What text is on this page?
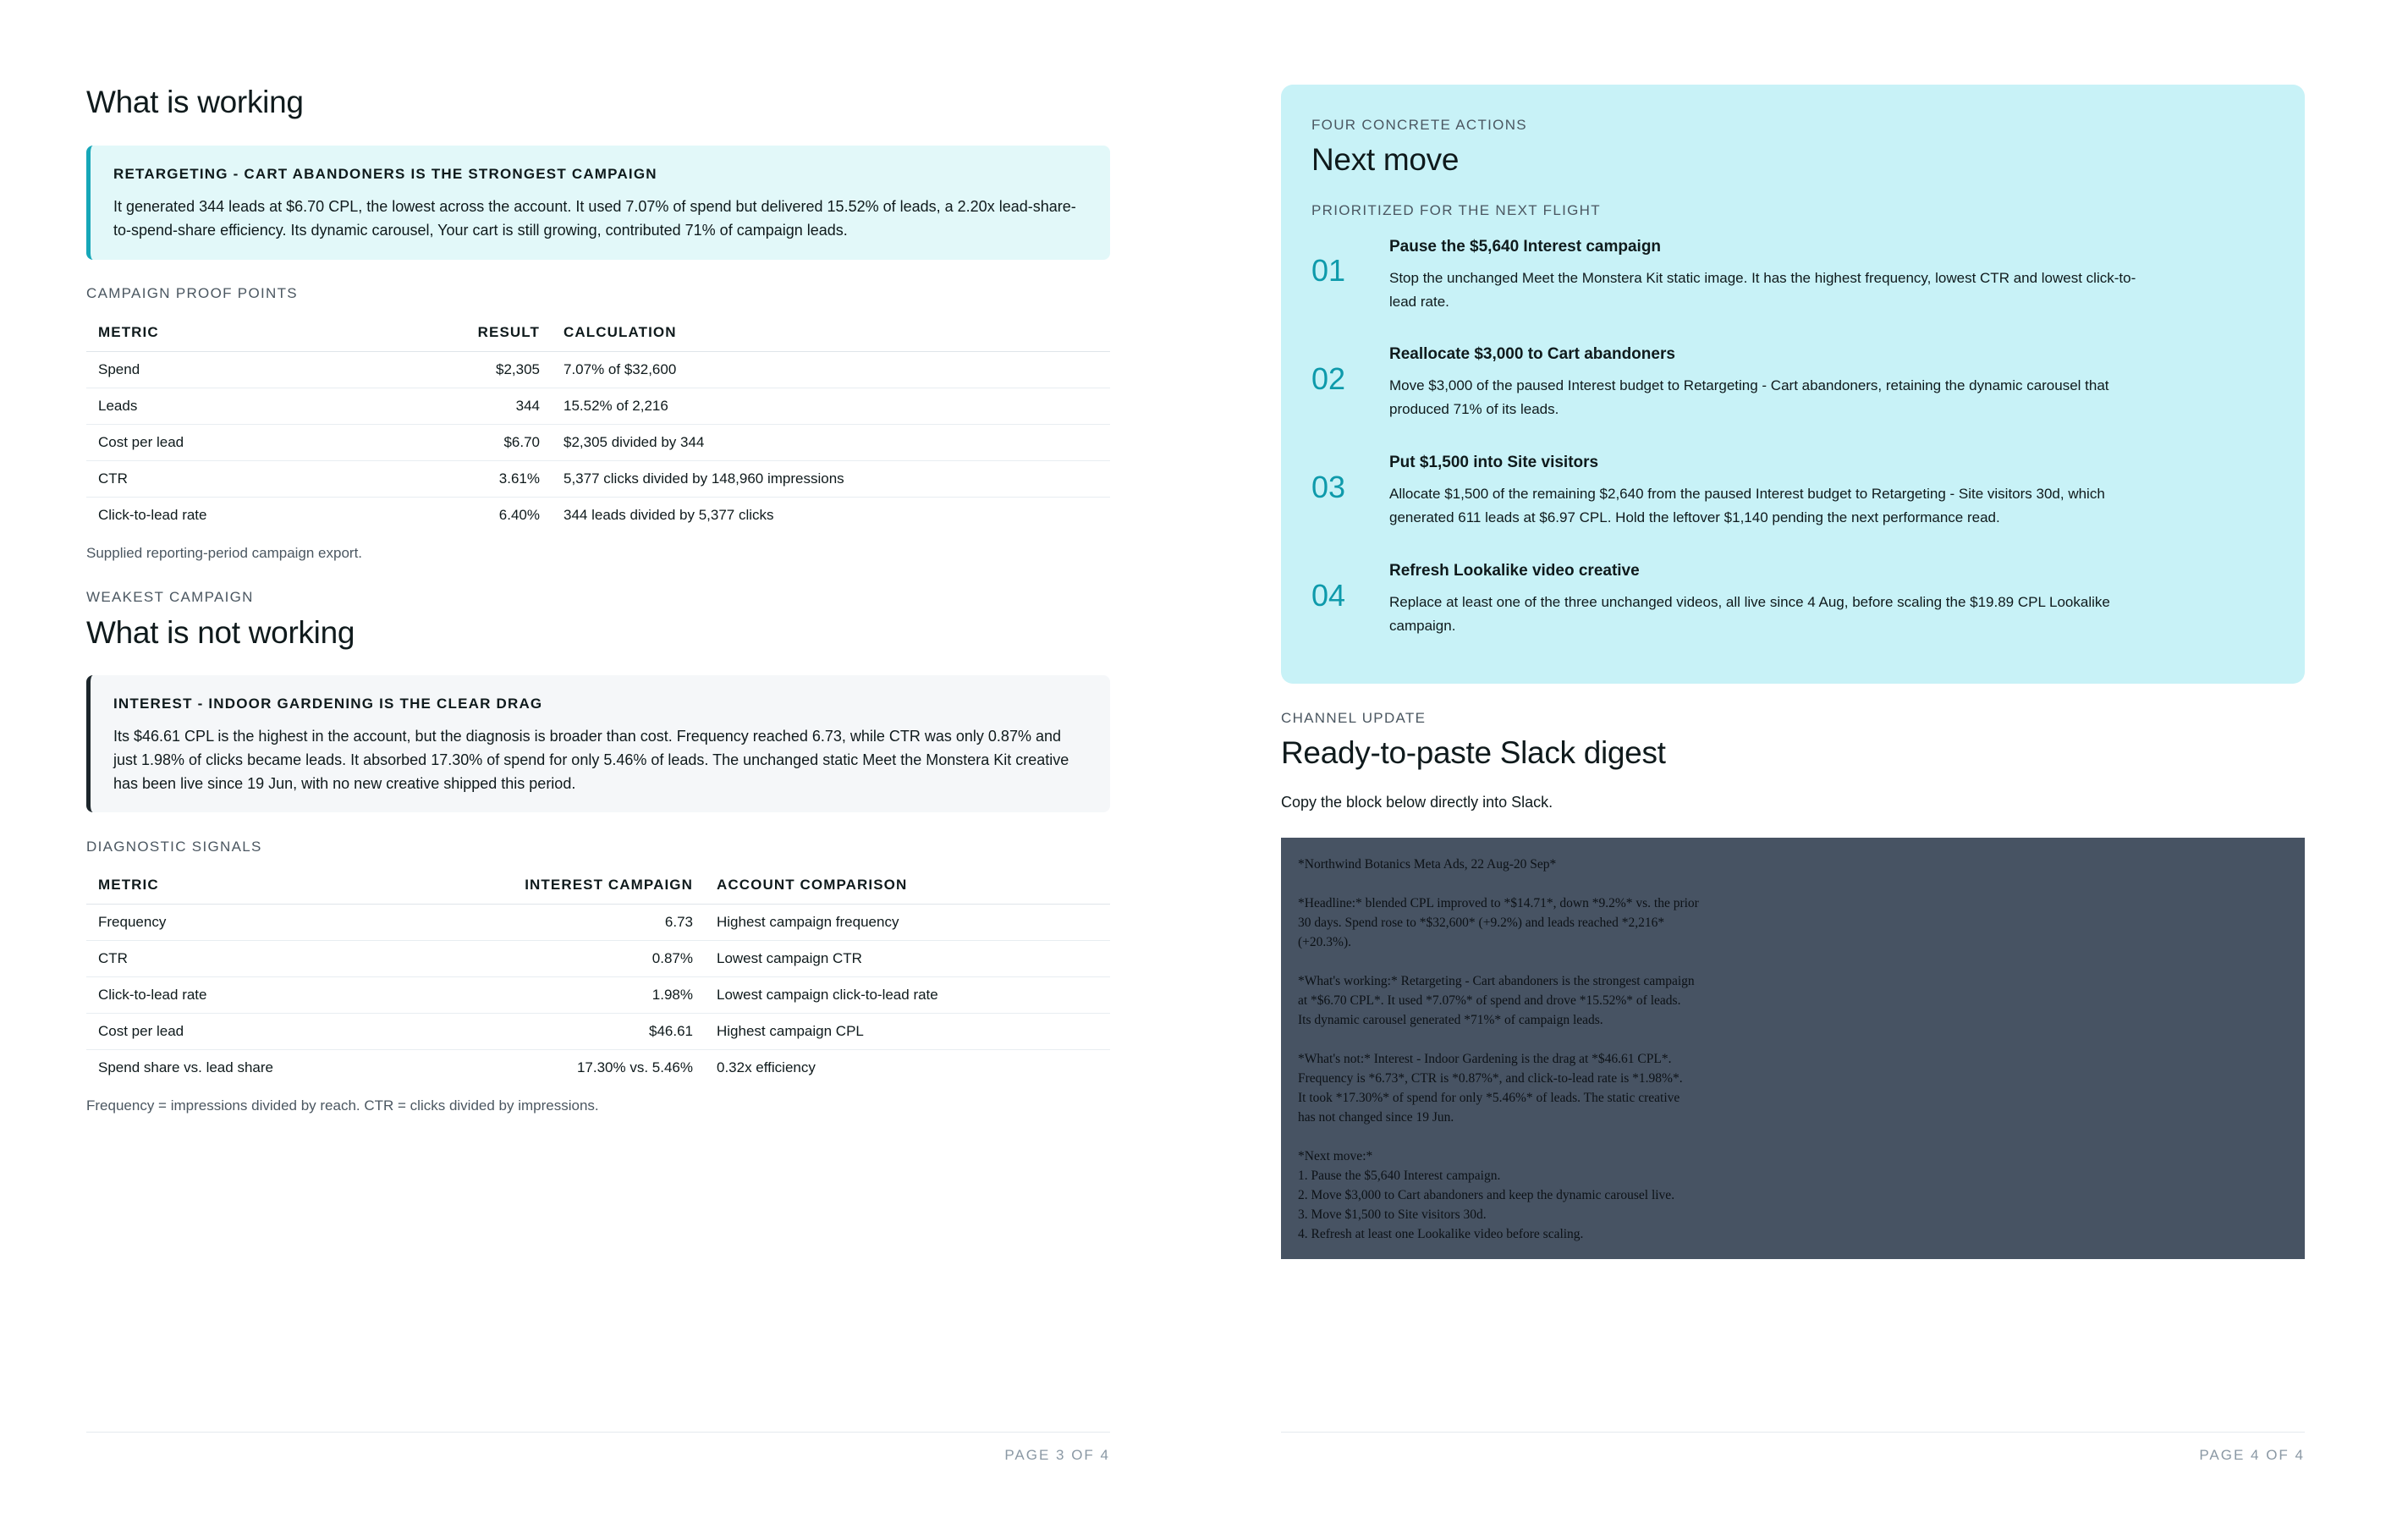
What is working
RETARGETING - CART ABANDONERS IS THE STRONGEST CAMPAIGN
It generated 344 leads at $6.70 CPL, the lowest across the account. It used 7.07% of spend but delivered 15.52% of leads, a 2.20x lead-share-to-spend-share efficiency. Its dynamic carousel, Your cart is still growing, contributed 71% of campaign leads.
CAMPAIGN PROOF POINTS
METRIC	RESULT	CALCULATION
Spend	$2,305	7.07% of $32,600
Leads	344	15.52% of 2,216
Cost per lead	$6.70	$2,305 divided by 344
CTR	3.61%	5,377 clicks divided by 148,960 impressions
Click-to-lead rate	6.40%	344 leads divided by 5,377 clicks
Supplied reporting-period campaign export.
WEAKEST CAMPAIGN
What is not working
INTEREST - INDOOR GARDENING IS THE CLEAR DRAG
Its $46.61 CPL is the highest in the account, but the diagnosis is broader than cost. Frequency reached 6.73, while CTR was only 0.87% and just 1.98% of clicks became leads. It absorbed 17.30% of spend for only 5.46% of leads. The unchanged static Meet the Monstera Kit creative has been live since 19 Jun, with no new creative shipped this period.
DIAGNOSTIC SIGNALS
METRIC	INTEREST CAMPAIGN	ACCOUNT COMPARISON
Frequency	6.73	Highest campaign frequency
CTR	0.87%	Lowest campaign CTR
Click-to-lead rate	1.98%	Lowest campaign click-to-lead rate
Cost per lead	$46.61	Highest campaign CPL
Spend share vs. lead share	17.30% vs. 5.46%	0.32x efficiency
Frequency = impressions divided by reach. CTR = clicks divided by impressions.
PAGE 3 OF 4
FOUR CONCRETE ACTIONS
Next move
PRIORITIZED FOR THE NEXT FLIGHT
01
Pause the $5,640 Interest campaign
Stop the unchanged Meet the Monstera Kit static image. It has the highest frequency, lowest CTR and lowest click-to-lead rate.
02
Reallocate $3,000 to Cart abandoners
Move $3,000 of the paused Interest budget to Retargeting - Cart abandoners, retaining the dynamic carousel that produced 71% of its leads.
03
Put $1,500 into Site visitors
Allocate $1,500 of the remaining $2,640 from the paused Interest budget to Retargeting - Site visitors 30d, which generated 611 leads at $6.97 CPL. Hold the leftover $1,140 pending the next performance read.
04
Refresh Lookalike video creative
Replace at least one of the three unchanged videos, all live since 4 Aug, before scaling the $19.89 CPL Lookalike campaign.
CHANNEL UPDATE
Ready-to-paste Slack digest
Copy the block below directly into Slack.
*Northwind Botanics Meta Ads, 22 Aug-20 Sep*

*Headline:* blended CPL improved to *$14.71*, down *9.2%* vs. the prior
30 days. Spend rose to *$32,600* (+9.2%) and leads reached *2,216*
(+20.3%).

*What's working:* Retargeting - Cart abandoners is the strongest campaign
at *$6.70 CPL*. It used *7.07%* of spend and drove *15.52%* of leads.
Its dynamic carousel generated *71%* of campaign leads.

*What's not:* Interest - Indoor Gardening is the drag at *$46.61 CPL*.
Frequency is *6.73*, CTR is *0.87%*, and click-to-lead rate is *1.98%*.
It took *17.30%* of spend for only *5.46%* of leads. The static creative
has not changed since 19 Jun.

*Next move:*
1. Pause the $5,640 Interest campaign.
2. Move $3,000 to Cart abandoners and keep the dynamic carousel live.
3. Move $1,500 to Site visitors 30d.
4. Refresh at least one Lookalike video before scaling.
PAGE 4 OF 4
